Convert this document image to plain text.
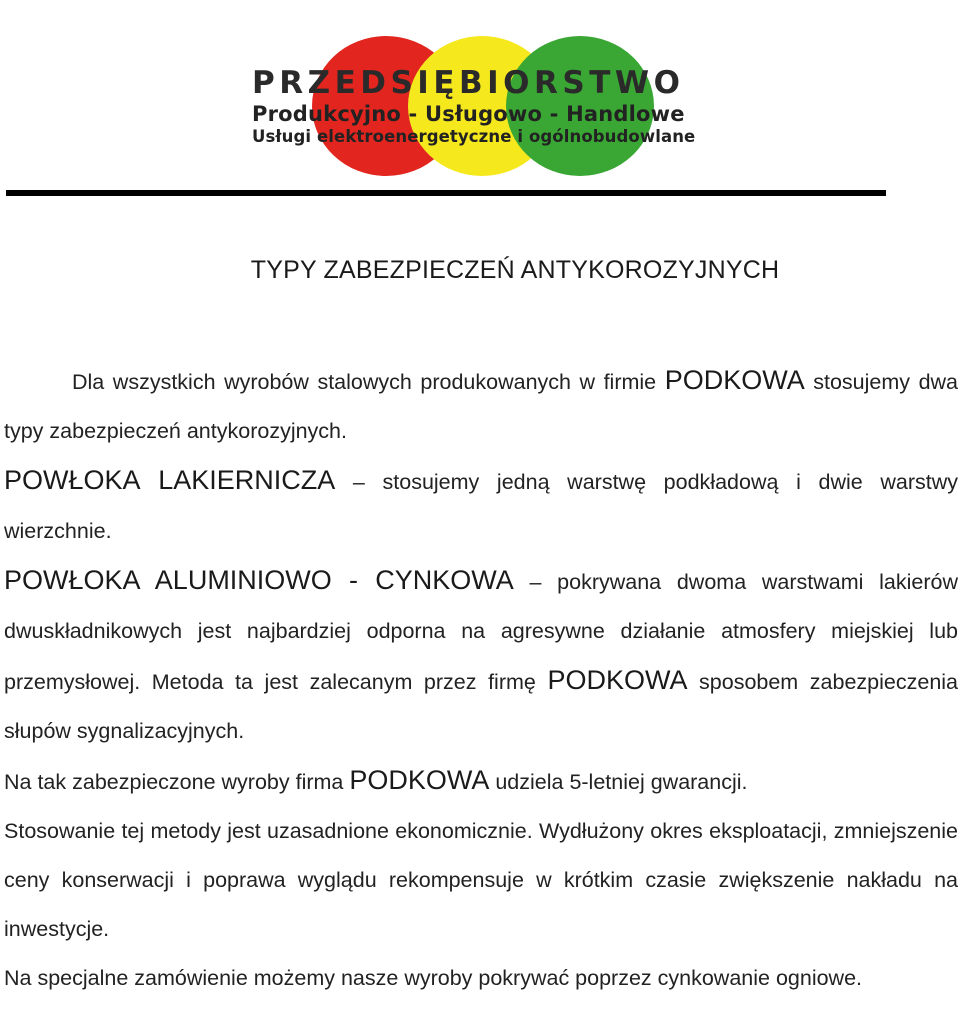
PRZEDSIĘBIORSTWO
Produkcyjno - Usługowo - Handlowe
Usługi elektroenergetyczne i ogólnobudowlane
TYPY ZABEZPIECZEŃ ANTYKOROZYJNYCH

Dla wszystkich wyrobów stalowych produkowanych w firmie PODKOWA stosujemy dwa typy zabezpieczeń antykorozyjnych.

POWŁOKA LAKIERNICZA – stosujemy jedną warstwę podkładową i dwie warstwy wierzchnie.

POWŁOKA ALUMINIOWO - CYNKOWA – pokrywana dwoma warstwami lakierów dwuskładnikowych jest najbardziej odporna na agresywne działanie atmosfery miejskiej lub przemysłowej. Metoda ta jest zalecanym przez firmę PODKOWA sposobem zabezpieczenia słupów sygnalizacyjnych.

Na tak zabezpieczone wyroby firma PODKOWA udziela 5-letniej gwarancji.

Stosowanie tej metody jest uzasadnione ekonomicznie. Wydłużony okres eksploatacji, zmniejszenie ceny konserwacji i poprawa wyglądu rekompensuje w krótkim czasie zwiększenie nakładu na inwestycje.

Na specjalne zamówienie możemy nasze wyroby pokrywać poprzez cynkowanie ogniowe.
